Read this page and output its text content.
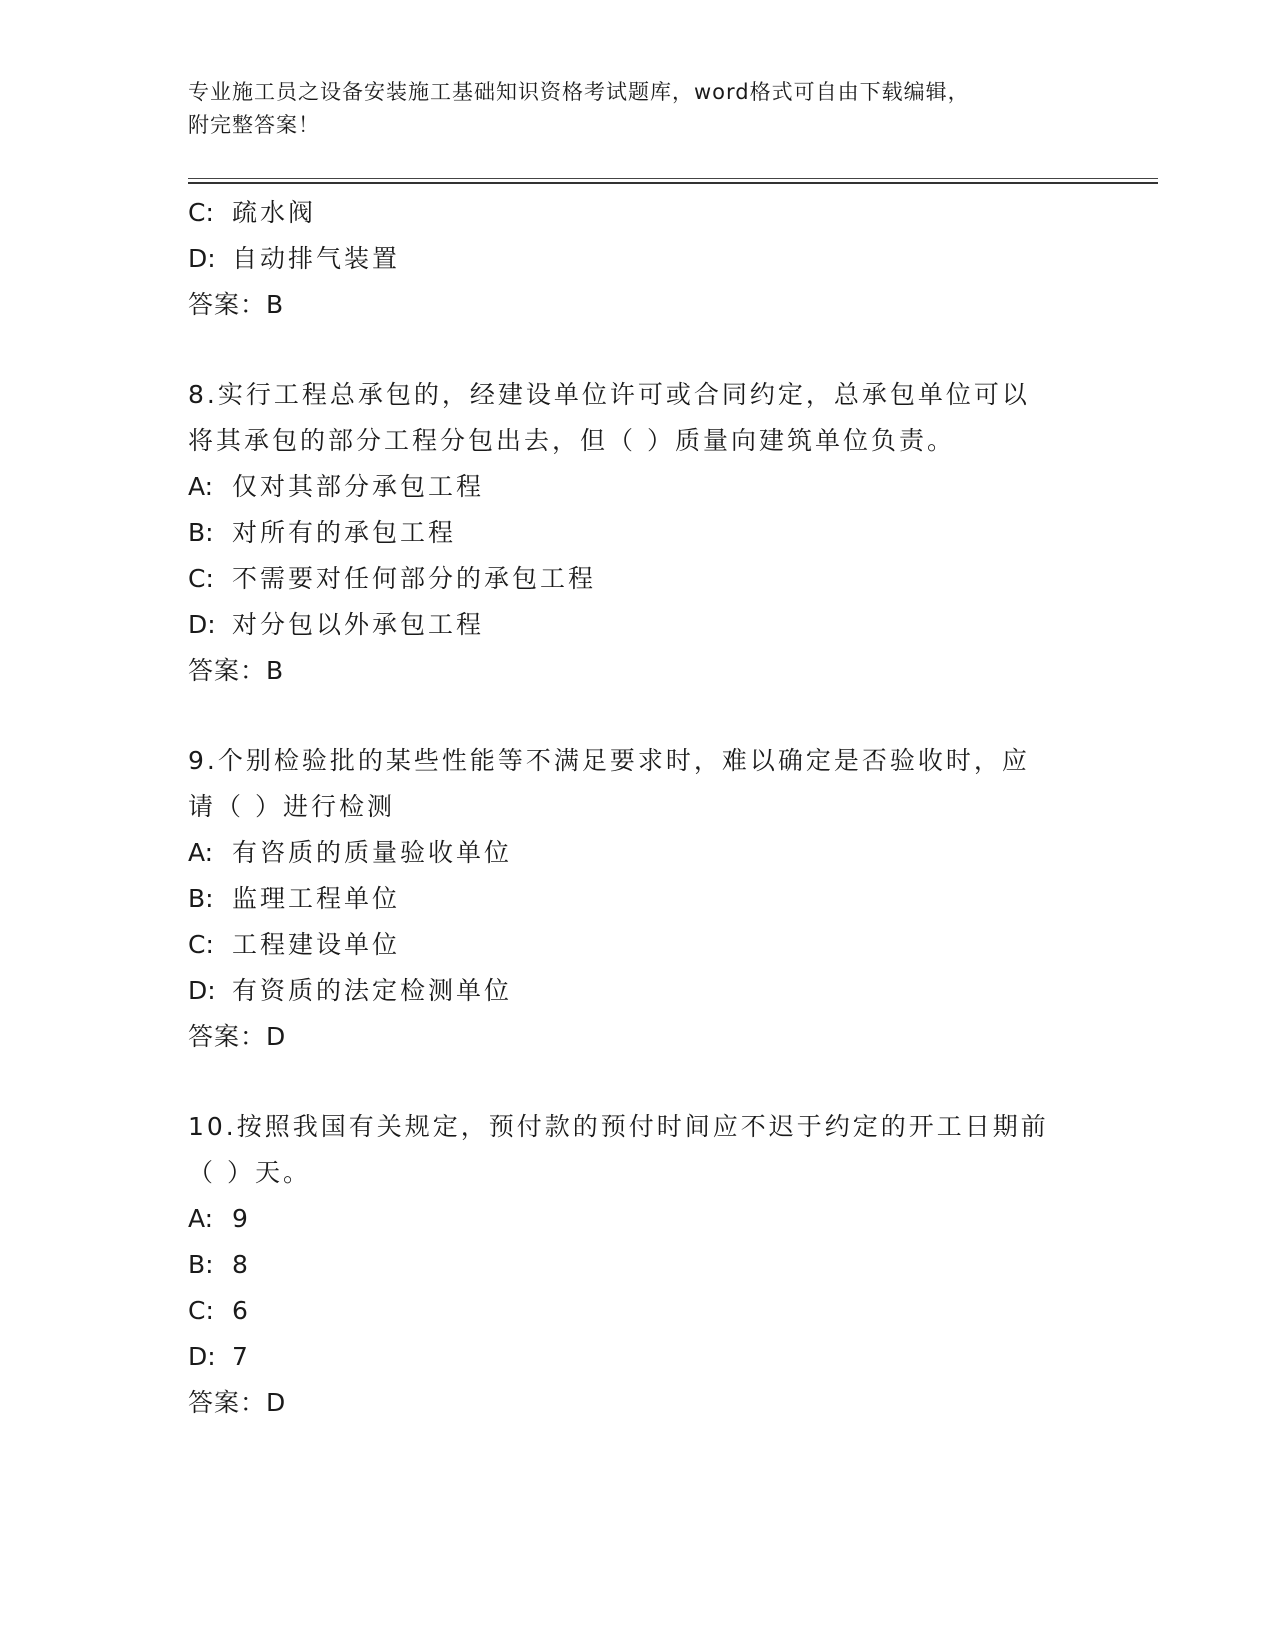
专业施工员之设备安装施工基础知识资格考试题库，word格式可自由下载编辑，
附完整答案！
C: 疏水阀
D: 自动排气装置
答案：B
8.实行工程总承包的，经建设单位许可或合同约定，总承包单位可以
将其承包的部分工程分包出去，但（ ）质量向建筑单位负责。
A: 仅对其部分承包工程
B: 对所有的承包工程
C: 不需要对任何部分的承包工程
D: 对分包以外承包工程
答案：B
9.个别检验批的某些性能等不满足要求时，难以确定是否验收时，应
请（ ）进行检测
A: 有咨质的质量验收单位
B: 监理工程单位
C: 工程建设单位
D: 有资质的法定检测单位
答案：D
10.按照我国有关规定，预付款的预付时间应不迟于约定的开工日期前
（ ）天。
A: 9
B: 8
C: 6
D: 7
答案：D
